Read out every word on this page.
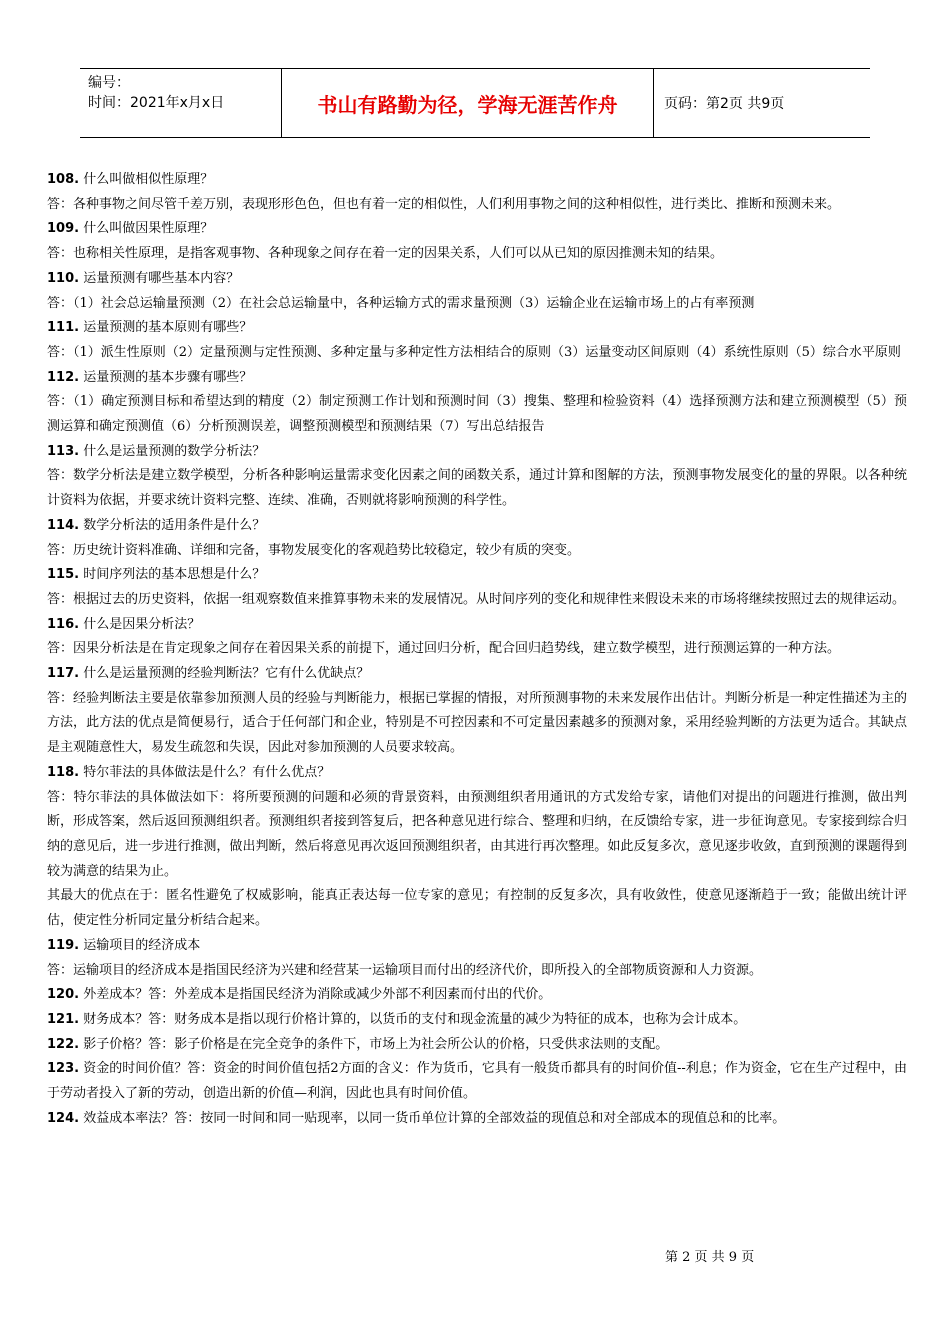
编号：
时间：2021年x月x日	书山有路勤为径，学海无涯苦作舟	页码：第2页 共9页

108. 什么叫做相似性原理？

答：各种事物之间尽管千差万别，表现形形色色，但也有着一定的相似性，人们利用事物之间的这种相似性，进行类比、推断和预测未来。

109. 什么叫做因果性原理？

答：也称相关性原理，是指客观事物、各种现象之间存在着一定的因果关系，人们可以从已知的原因推测未知的结果。

110. 运量预测有哪些基本内容？

答：（1）社会总运输量预测（2）在社会总运输量中，各种运输方式的需求量预测（3）运输企业在运输市场上的占有率预测

111. 运量预测的基本原则有哪些？

答：（1）派生性原则（2）定量预测与定性预测、多种定量与多种定性方法相结合的原则（3）运量变动区间原则（4）系统性原则（5）综合水平原则

112. 运量预测的基本步骤有哪些？

答：（1）确定预测目标和希望达到的精度（2）制定预测工作计划和预测时间（3）搜集、整理和检验资料（4）选择预测方法和建立预测模型（5）预测运算和确定预测值（6）分析预测误差，调整预测模型和预测结果（7）写出总结报告

113. 什么是运量预测的数学分析法？

答：数学分析法是建立数学模型，分析各种影响运量需求变化因素之间的函数关系，通过计算和图解的方法，预测事物发展变化的量的界限。以各种统计资料为依据，并要求统计资料完整、连续、准确，否则就将影响预测的科学性。

114. 数学分析法的适用条件是什么？

答：历史统计资料准确、详细和完备，事物发展变化的客观趋势比较稳定，较少有质的突变。

115. 时间序列法的基本思想是什么？

答：根据过去的历史资料，依据一组观察数值来推算事物未来的发展情况。从时间序列的变化和规律性来假设未来的市场将继续按照过去的规律运动。

116. 什么是因果分析法？

答：因果分析法是在肯定现象之间存在着因果关系的前提下，通过回归分析，配合回归趋势线，建立数学模型，进行预测运算的一种方法。

117. 什么是运量预测的经验判断法？它有什么优缺点？

答：经验判断法主要是依靠参加预测人员的经验与判断能力，根据已掌握的情报，对所预测事物的未来发展作出估计。判断分析是一种定性描述为主的方法，此方法的优点是简便易行，适合于任何部门和企业，特别是不可控因素和不可定量因素越多的预测对象，采用经验判断的方法更为适合。其缺点是主观随意性大，易发生疏忽和失误，因此对参加预测的人员要求较高。

118. 特尔菲法的具体做法是什么？有什么优点？

答：特尔菲法的具体做法如下：将所要预测的问题和必须的背景资料，由预测组织者用通讯的方式发给专家，请他们对提出的问题进行推测，做出判断，形成答案，然后返回预测组织者。预测组织者接到答复后，把各种意见进行综合、整理和归纳，在反馈给专家，进一步征询意见。专家接到综合归纳的意见后，进一步进行推测，做出判断，然后将意见再次返回预测组织者，由其进行再次整理。如此反复多次，意见逐步收敛，直到预测的课题得到较为满意的结果为止。

其最大的优点在于：匿名性避免了权威影响，能真正表达每一位专家的意见；有控制的反复多次，具有收敛性，使意见逐渐趋于一致；能做出统计评估，使定性分析同定量分析结合起来。

119. 运输项目的经济成本

答：运输项目的经济成本是指国民经济为兴建和经营某一运输项目而付出的经济代价，即所投入的全部物质资源和人力资源。

120. 外差成本？答：外差成本是指国民经济为消除或减少外部不利因素而付出的代价。

121. 财务成本？答：财务成本是指以现行价格计算的，以货币的支付和现金流量的减少为特征的成本，也称为会计成本。

122. 影子价格？答：影子价格是在完全竞争的条件下，市场上为社会所公认的价格，只受供求法则的支配。

123. 资金的时间价值？答：资金的时间价值包括2方面的含义：作为货币，它具有一般货币都具有的时间价值--利息；作为资金，它在生产过程中，由于劳动者投入了新的劳动，创造出新的价值—利润，因此也具有时间价值。

124. 效益成本率法？答：按同一时间和同一贴现率，以同一货币单位计算的全部效益的现值总和对全部成本的现值总和的比率。

第 2 页 共 9 页
